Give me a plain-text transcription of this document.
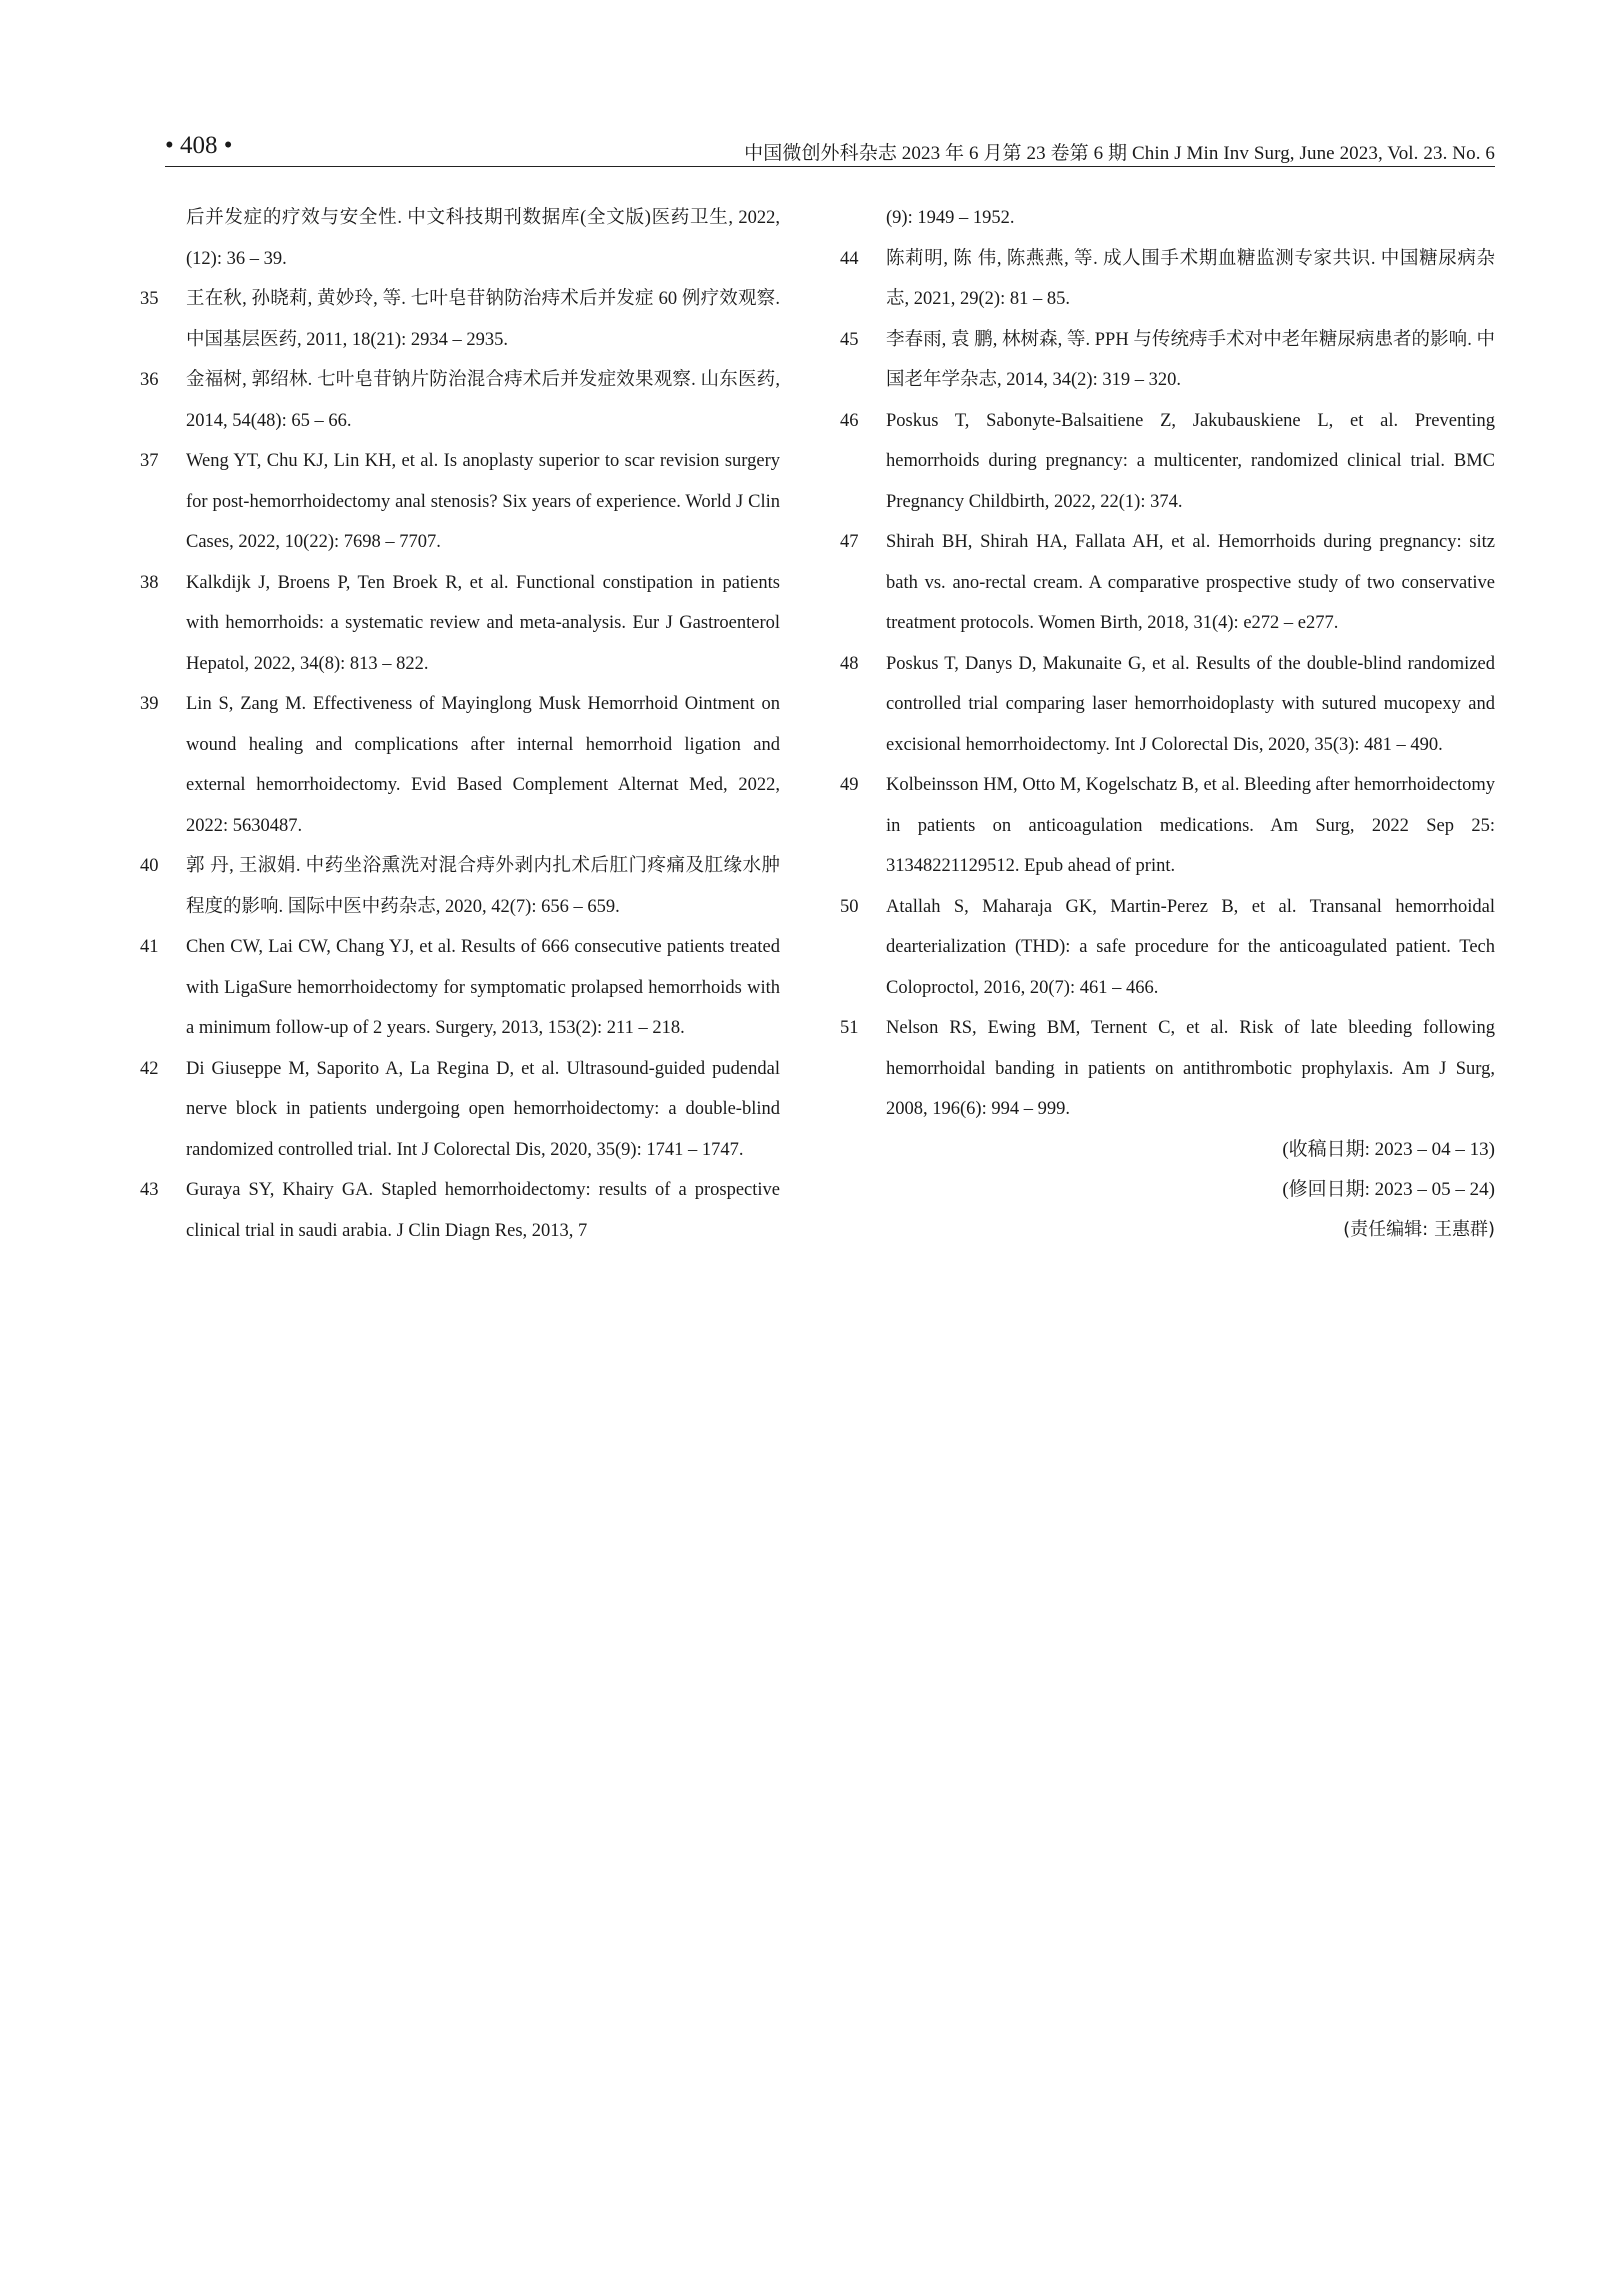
• 408 •	中国微创外科杂志 2023 年 6 月第 23 卷第 6 期 Chin J Min Inv Surg, June 2023, Vol. 23. No. 6
后并发症的疗效与安全性. 中文科技期刊数据库(全文版)医药卫生, 2022, (12): 36 – 39.
35	王在秋, 孙晓莉, 黄妙玲, 等. 七叶皂苷钠防治痔术后并发症 60 例疗效观察. 中国基层医药, 2011, 18(21): 2934 – 2935.
36	金福树, 郭绍林. 七叶皂苷钠片防治混合痔术后并发症效果观察. 山东医药, 2014, 54(48): 65 – 66.
37	Weng YT, Chu KJ, Lin KH, et al. Is anoplasty superior to scar revision surgery for post-hemorrhoidectomy anal stenosis? Six years of experience. World J Clin Cases, 2022, 10(22): 7698 – 7707.
38	Kalkdijk J, Broens P, Ten Broek R, et al. Functional constipation in patients with hemorrhoids: a systematic review and meta-analysis. Eur J Gastroenterol Hepatol, 2022, 34(8): 813 – 822.
39	Lin S, Zang M. Effectiveness of Mayinglong Musk Hemorrhoid Ointment on wound healing and complications after internal hemorrhoid ligation and external hemorrhoidectomy. Evid Based Complement Alternat Med, 2022, 2022: 5630487.
40	郭 丹, 王淑娟. 中药坐浴熏洗对混合痔外剥内扎术后肛门疼痛及肛缘水肿程度的影响. 国际中医中药杂志, 2020, 42(7): 656 – 659.
41	Chen CW, Lai CW, Chang YJ, et al. Results of 666 consecutive patients treated with LigaSure hemorrhoidectomy for symptomatic prolapsed hemorrhoids with a minimum follow-up of 2 years. Surgery, 2013, 153(2): 211 – 218.
42	Di Giuseppe M, Saporito A, La Regina D, et al. Ultrasound-guided pudendal nerve block in patients undergoing open hemorrhoidectomy: a double-blind randomized controlled trial. Int J Colorectal Dis, 2020, 35(9): 1741 – 1747.
43	Guraya SY, Khairy GA. Stapled hemorrhoidectomy: results of a prospective clinical trial in saudi arabia. J Clin Diagn Res, 2013, 7
(9): 1949 – 1952.
44	陈莉明, 陈 伟, 陈燕燕, 等. 成人围手术期血糖监测专家共识. 中国糖尿病杂志, 2021, 29(2): 81 – 85.
45	李春雨, 袁 鹏, 林树森, 等. PPH 与传统痔手术对中老年糖尿病患者的影响. 中国老年学杂志, 2014, 34(2): 319 – 320.
46	Poskus T, Sabonyte-Balsaitiene Z, Jakubauskiene L, et al. Preventing hemorrhoids during pregnancy: a multicenter, randomized clinical trial. BMC Pregnancy Childbirth, 2022, 22(1): 374.
47	Shirah BH, Shirah HA, Fallata AH, et al. Hemorrhoids during pregnancy: sitz bath vs. ano-rectal cream. A comparative prospective study of two conservative treatment protocols. Women Birth, 2018, 31(4): e272 – e277.
48	Poskus T, Danys D, Makunaite G, et al. Results of the double-blind randomized controlled trial comparing laser hemorrhoidoplasty with sutured mucopexy and excisional hemorrhoidectomy. Int J Colorectal Dis, 2020, 35(3): 481 – 490.
49	Kolbeinsson HM, Otto M, Kogelschatz B, et al. Bleeding after hemorrhoidectomy in patients on anticoagulation medications. Am Surg, 2022 Sep 25: 31348221129512. Epub ahead of print.
50	Atallah S, Maharaja GK, Martin-Perez B, et al. Transanal hemorrhoidal dearterialization (THD): a safe procedure for the anticoagulated patient. Tech Coloproctol, 2016, 20(7): 461 – 466.
51	Nelson RS, Ewing BM, Ternent C, et al. Risk of late bleeding following hemorrhoidal banding in patients on antithrombotic prophylaxis. Am J Surg, 2008, 196(6): 994 – 999.
(收稿日期: 2023 – 04 – 13)
(修回日期: 2023 – 05 – 24)
(责任编辑: 王惠群)
